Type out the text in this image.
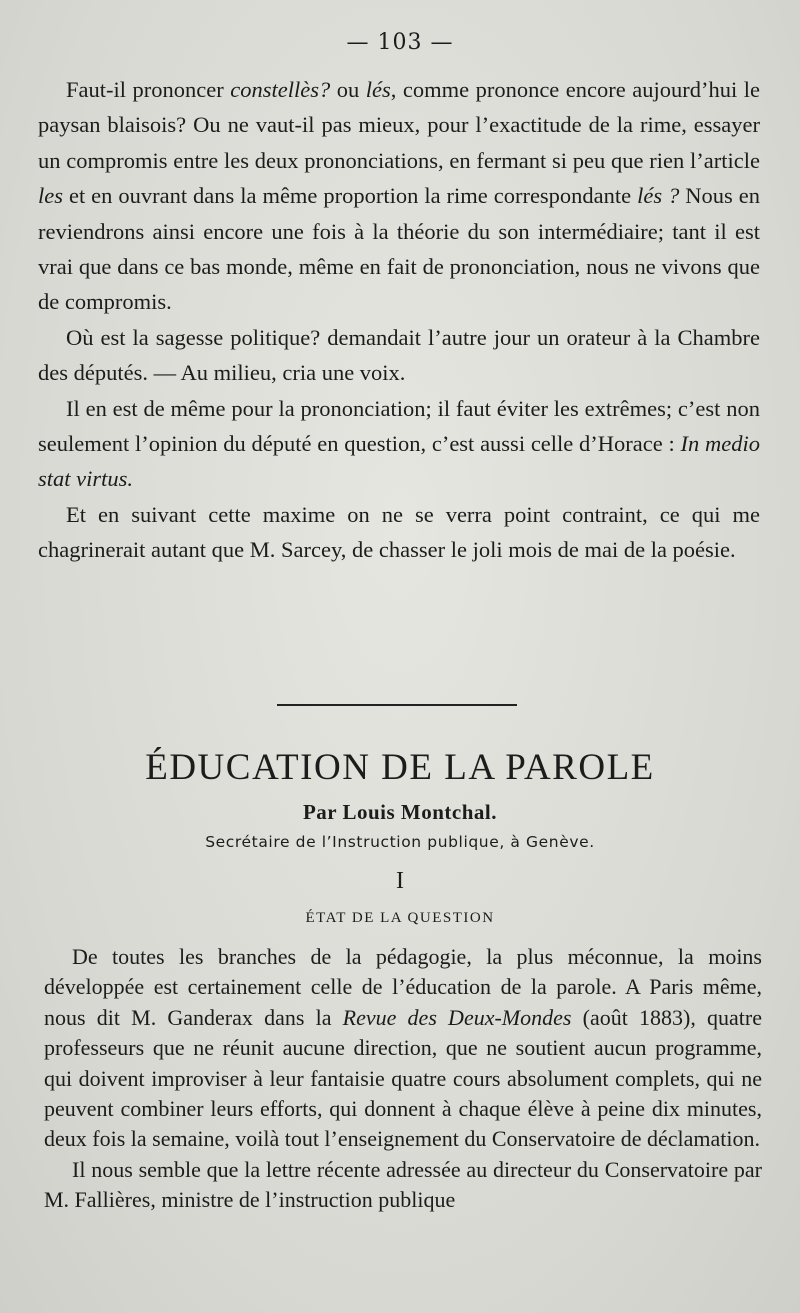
— 103 —

Faut-il prononcer constellès? ou lés, comme prononce encore aujourd’hui le paysan blaisois? Ou ne vaut-il pas mieux, pour l’exactitude de la rime, essayer un compromis entre les deux prononciations, en fermant si peu que rien l’article les et en ouvrant dans la même proportion la rime correspondante lés ? Nous en reviendrons ainsi encore une fois à la théorie du son intermédiaire; tant il est vrai que dans ce bas monde, même en fait de prononciation, nous ne vivons que de compromis.

Où est la sagesse politique? demandait l’autre jour un orateur à la Chambre des députés. — Au milieu, cria une voix.

Il en est de même pour la prononciation; il faut éviter les extrêmes; c’est non seulement l’opinion du député en question, c’est aussi celle d’Horace : In medio stat virtus.

Et en suivant cette maxime on ne se verra point contraint, ce qui me chagrinerait autant que M. Sarcey, de chasser le joli mois de mai de la poésie.

ÉDUCATION DE LA PAROLE
Par Louis Montchal.
Secrétaire de l’Instruction publique, à Genève.
I
ÉTAT DE LA QUESTION

De toutes les branches de la pédagogie, la plus méconnue, la moins développée est certainement celle de l’éducation de la parole. A Paris même, nous dit M. Ganderax dans la Revue des Deux-Mondes (août 1883), quatre professeurs que ne réunit aucune direction, que ne soutient aucun programme, qui doivent improviser à leur fantaisie quatre cours absolument complets, qui ne peuvent combiner leurs efforts, qui donnent à chaque élève à peine dix minutes, deux fois la semaine, voilà tout l’enseignement du Conservatoire de déclamation.

Il nous semble que la lettre récente adressée au directeur du Conservatoire par M. Fallières, ministre de l’instruction publique
